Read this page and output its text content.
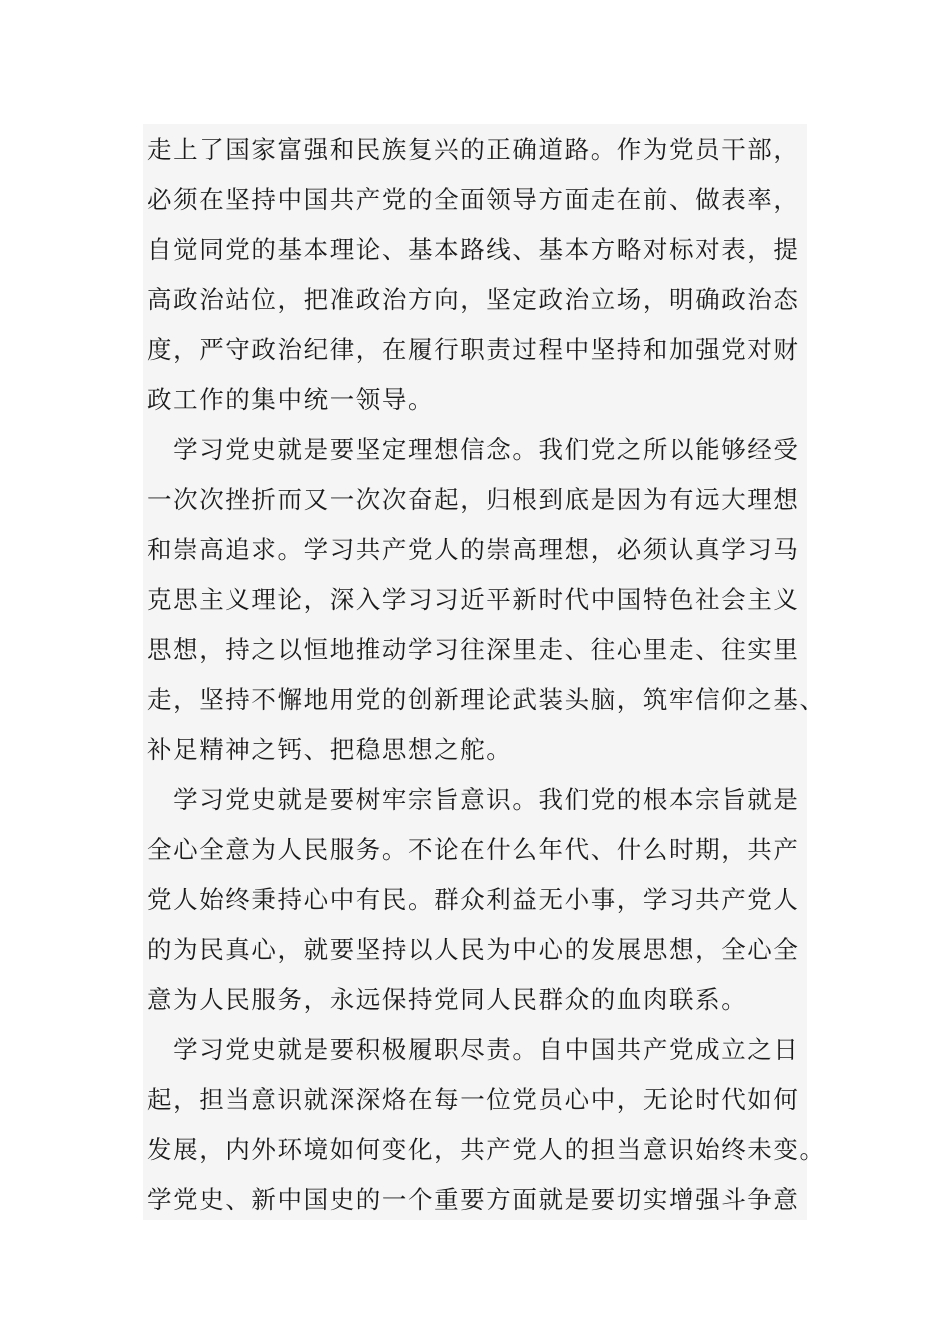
走上了国家富强和民族复兴的正确道路。作为党员干部，
必须在坚持中国共产党的全面领导方面走在前、做表率，
自觉同党的基本理论、基本路线、基本方略对标对表，提
高政治站位，把准政治方向，坚定政治立场，明确政治态
度，严守政治纪律，在履行职责过程中坚持和加强党对财
政工作的集中统一领导。
　学习党史就是要坚定理想信念。我们党之所以能够经受
一次次挫折而又一次次奋起，归根到底是因为有远大理想
和崇高追求。学习共产党人的崇高理想，必须认真学习马
克思主义理论，深入学习习近平新时代中国特色社会主义
思想，持之以恒地推动学习往深里走、往心里走、往实里
走，坚持不懈地用党的创新理论武装头脑，筑牢信仰之基、
补足精神之钙、把稳思想之舵。
　学习党史就是要树牢宗旨意识。我们党的根本宗旨就是
全心全意为人民服务。不论在什么年代、什么时期，共产
党人始终秉持心中有民。群众利益无小事，学习共产党人
的为民真心，就要坚持以人民为中心的发展思想，全心全
意为人民服务，永远保持党同人民群众的血肉联系。
　学习党史就是要积极履职尽责。自中国共产党成立之日
起，担当意识就深深烙在每一位党员心中，无论时代如何
发展，内外环境如何变化，共产党人的担当意识始终未变。
学党史、新中国史的一个重要方面就是要切实增强斗争意
